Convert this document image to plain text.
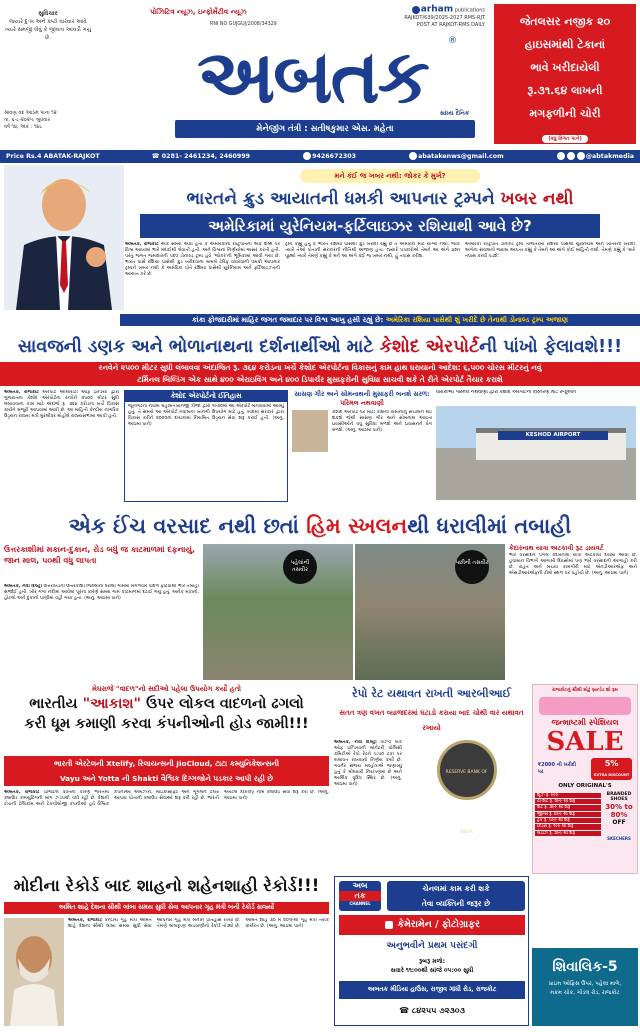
સુવિચાર
જ્યારે દુઃખ અને કષ્ટો વારંવાર આવે ત્યારે સમજી લેવું કે જીવતા આવડી ગયું છે.
શ્રાવણ વદ આઠમ પાના ૧૨
તા. ૬-૮-૨૦૨૫, બુધવાર
વર્ષ ૧૪, અંક : ૧૪૮
પોઝિટિવ ન્યૂઝ, ઇન્ફોર્મેટીવ ન્યૂઝ
RNI NO GUJGUJ/2008/34329
arham publications
RAJKOT/639/2025-2027 RMS-RJT
POST AT RAJKOT-RMS DAILY
અબતક	®
સાંધ્ય દૈનિક
મેનેજીંગ તંત્રી : સતીષકુમાર એસ. મહેતા
જેતલસર નજીક ૨૦
હાઇસમાંથી ટેકાનાં
ભાવે ખરીદાયેલી
રૂ.૩૧.૬૪ લાખની
મગફળીની ચોરી
(વધુ વિગત પાને)
Price Rs.4 ABATAK-RAJKOT	☎ 0281- 2461234, 2460999	9426672303	abatakenws@gmail.com	@abtakmedia
મને કંઈ જ ખબર નથી: જોકર કે મુર્ખ?
ભારતને ક્રુડ આયાતની ધમકી આપનાર ટ્રમ્પને ખબર નથી
અમેરિકામાં યુરેનિયમ-ફર્ટિલાઇઝર રશિયાથી આવે છે?
અબતક, રાજકોટ એક સમય એવો હતો કે અમેરિકાના રાષ્ટ્રપતિના એક શબ્દ પર વિશ્વ આખામાં ભારે મંદાઈથી લેવાતી હતી. અને વિશ્વનાં નિર્ણયોમાં અસર કરતી હતી. પરંતુ જગત જમાદારની પદ્ધ ડોનાલ્ડ ટ્રમ્પ હવે 'જોકર'ની ભૂમિકામાં આવી ગયા છે. ભારત પાસે રશિયા પાસેથી ક્રુડ ખરીદવાના મામલે ટેરિફ વધારવાની ધમકી આપનાર ટ્રમ્પને ખબર નથી કે અમેરિકા પોતે રશિયા પાસેથી યુરેનિયમ અને ફર્ટિલાઇઝરની આયાત કરે છે.
ટ્રમ્પે કહ્યું હતું કે ભારત રશિયા પાસેથી ક્રુડ ખરીદી રહ્યું છે તે અમેરિકા માટે યોગ્ય નથી. જોકે ત્યારે તેઓ પોતાની સરકારની નીતિથી અજાણ હતા. જ્યારે પત્રકારોએ તેમને આ અંગે પ્રશ્ન પૂછ્યો ત્યારે તેમણે કહ્યું કે મને આ અંગે કંઈ જ ખબર નથી, હું તપાસ કરીશ.
અમેરિકી રાષ્ટ્રપતિ ડોનાલ્ડ ટ્રમ્પે તાજેતરમાં રશિયા પાસેથી યુરેનિયમ અને ખાતરની ખરીદી અંગેના સવાલનો જવાબ આપતા કહ્યું કે તેમને આ અંગે કોઈ માહિતી નથી. તેમણે કહ્યું કે 'મારે તપાસ કરવી પડશે'.
કાંકા ફોજદારીમાં માહિર જગત જમાદાર પર વિશ્વ આખુ હસી રહ્યું છે: અમેરિકા રશિયા પાસેથી શું ખરીદે છે તેનાથી ડોનાલ્ડ ટ્રમ્પ અજાણ
સાવજની ડણક અને ભોળાનાથના દર્શનાર્થીઓ માટે કેશોદ એરપોર્ટની પાંખો ફેલાવશે!!!
રનવેને ૨૫૦૦ મીટર સુધી લંબાવવા અંદાજિત રૂ. ૩૬૪ કરોડના ખર્ચે કેશોદ એરપોર્ટના વિકાસનું કામ હાથ ધરાયાનો આદેશ: ૬,૫૦૦ ચોરસ મીટરનું નવું
ટર્મિનલ બિલ્ડિંગ એક સાથે ૪૦૦ એરાઇવિંગ અને ૪૦૦ ડિપાર્ચર મુસાફરોની સુવિધા સાચવી શકે તે રીતે એરપોર્ટ તૈયાર કરાશે
અબતક, રાજકોટ એરપોર્ટ ઓથોરીટી ઓફ ઇન્ડિયા દ્વારા ગુજરાતના કેશોદ એરપોર્ટના રનવેને ૨૫૦૦ મીટર સુધી લંબાવવાના કામ માટે અંદાજે રૂ. ૩૬૪ કરોડના ખર્ચે વિકાસ કાર્યને મંજૂરી આપવામાં આવી છે. આ માહિતી કેન્દ્રીય નાગરિક ઉડ્ડયન રાજ્ય મંત્રી મુરલીધર મોહોલે રાજ્યસભામાં આપી હતી.
કેશોદ એરપોર્ટનો ઈતિહાસ
જૂનાગઢના નવાબ મહાબતખાનજી ત્રીજા દ્વારા ૧૯૩૦માં આ એરપોર્ટ બનાવવામાં આવ્યું હતું. તે સમયે આ એરપોર્ટ નવાબના ખાનગી ઉપયોગ માટે હતું. બાદમાં સરકાર દ્વારા વિકાસ કરીને ૨૦૦૦ના દાયકામાં નિયમિત ઉડ્ડયન સેવા શરૂ કરાઈ હતી. (અનુ. આઠમા પાને)
સાસણ ગીર અને સોમનાથની મુસાફરી બનશે સરળ: પરિમલ નથવાણી
કેશોદ એરપોર્ટ પર મોટી કક્ષાના વિમાનોનું સંચાલન થઇ શકશે જેથી સાસણ ગીર અને સોમનાથ આવતા પ્રવાસીઓને વધુ સુવિધા મળશે અને પ્રવાસનને વેગ મળશે. (અનુ. આઠમા પાને)
ધારાસભ્ય પરિમલ નથવાણી દ્વારા કેશોદ એરપોર્ટના વિસ્તરણ માટે રજૂઆત
KESHOD AIRPORT
એક ઈંચ વરસાદ નથી છતાં હિમ સ્ખલનથી ધરાલીમાં તબાહી
ઉત્તરકાશીમાં મકાન-દુકાન, રોડ બધું જ કાટમાળમાં દફનાયું, જાન માલ, ૫૦થી વધુ લાપતા
અબતક, નવી દિલ્હી ઉત્તરાખંડના ઉત્તરકાશી જિલ્લાના ધરાલી ગામમાં મંગળવારે વાદળ ફાટવાથી ભારે તબાહી સર્જાઈ હતી. ખીર ગંગા નદીમાં આવેલા પૂરના કારણે સમગ્ર ગામ કાટમાળમાં દટાઈ ગયું હતું. અનેક મકાનો, હોટલો અને દુકાનો પાણીમાં વહી ગયા હતા. (અનુ. આઠમા પાને)
પહેલાંની તસવીર
પછીની તસવીર
કેદારનાથ યાત્રા અટકાવી રૂટ ડાયવર્ટ
ભારે વરસાદને પગલે કેદારનાથ યાત્રા અટકાવી દેવામાં આવી છે. હવામાન વિભાગે આગામી દિવસોમાં પણ ભારે વરસાદની આગાહી કરી છે. રાહત અને બચાવ કામગીરી માટે એનડીઆરએફ અને એસડીઆરએફની ટીમો સ્થળ પર પહોંચી છે. (અનુ. આઠમા પાને)
મેઘરાજે "વાદળ"નો સદીઓ પહેલા ઉપયોગ કર્યો હતો
ભારતીય "આકાશ" ઉપર લોકલ વાદળનો ઢગલો
કરી ધૂમ કમાણી કરવા કંપનીઓની હોડ જામી!!!
ભારતી એરટેલની Xtelify, રિલાયન્સની JioCloud, ટાટા કમ્યુનિકેશન્સની
Vayu અને Yotta ની Shakti વૈશ્વિક દિગ્ગજોને પડકાર આપી રહી છે
અબતક, રાજકોટ ડિજિટલ ક્રાંતિના કારણે ભારતમાં ક્લાઉડ કમ્પ્યુટિંગની માંગ ઝડપથી વધી રહી છે. દેશની ટોચની ટેલિકોમ અને ટેકનોલોજી કંપનીઓ હવે વૈશ્વિક કંપનીઓ એમેઝોન, માઇક્રોસોફ્ટ અને ગૂગલને ટક્કર આપવા પોતાની ક્લાઉડ સેવાઓ શરૂ કરી રહી છે. ભારતી એરટેલે Xtelify નામે ક્લાઉડ સેવા શરૂ કરી છે. (અનુ. આઠમા પાને)
રેપો રેટ યથાવત રાખતી આરબીઆઈ
સતત ત્રણ વખત વ્યાજદરમાં ઘટાડો કરાયા બાદ ચોથી વાર યથાવત રખાયો
અબતક, નવી દિલ્હી રિઝર્વ બેંક ઓફ ઇન્ડિયાની મોનેટરી પોલિસી કમિટીએ રેપો રેટને ૫.૫૦ ટકા પર યથાવત રાખવાનો નિર્ણય કર્યો છે. ગવર્નર સંજય મલ્હોત્રાએ જણાવ્યું હતું કે મોંઘવારી નિયંત્રણમાં છે અને આર્થિક વૃદ્ધિ સ્થિર છે. (અનુ. આઠમા પાને)
RESERVE BANK OF INDIA
રાજકોટનું સૌથી મોટું બ્રાન્ડેડ શો રૂમ
જન્માષ્ટમી સ્પેશિયલ
SALE
₹2000 ની ખરીદી પર
5%
EXTRA DISCOUNT
ONLY ORIGINAL'S
શૂઝ રૂ. ૯૯૯
ટી-શર્ટ રૂ. ૨૯૯ થી શરૂ
શર્ટ રૂ. ૩૯૯ થી શરૂ
જીન્સ રૂ. ૪૯૯ થી શરૂ
ટ્રેક રૂ. ૫૯૯ થી શરૂ
કિડ્સ રૂ. ૧૯૯ થી શરૂ
લેડીઝ રૂ. ૨૯૯ થી શરૂ
BRANDED SHOES
30% to 80%
OFF
SKECHERS
મોદીના રેકોર્ડ બાદ શાહનો શહેનશાહી રેકોર્ડ!!!
અમિત શાહે દેશના સૌથી લાંબા સમય સુધી સેવા આપનાર ગૃહ મંત્રી બની રેકોર્ડ સર્જ્યો
અબતક, રાજકોટ કેન્દ્રીય ગૃહ મંત્રી અમિત શાહે દેશના સૌથી લાંબા સમય સુધી સેવા આપનાર ગૃહ મંત્રી બનીને ઇતિહાસ રચ્યો છે. તેમણે લાલકૃષ્ણ અડવાણીનો રેકોર્ડ તોડ્યો છે. અમિત શાહ ૩૦ મે ૨૦૧૯થી ગૃહ મંત્રી તરીકે કાર્યરત છે. (અનુ. આઠમા પાને)
અબ
તક
CHANNEL
ચેનલમાં કામ કરી શકે
તેવા વ્યક્તિની જરૂર છે
કેમેરામેન / ફોટોગ્રાફર
અનુભવીને પ્રથમ પસંદગી
રૂબરૂ મળો:
સવારે ૧૧:૦૦થી સાંજે ૦૫:૦૦ સુધી
અબતક મીડિયા હાઉસ, રાજીવ ગાંધી રોડ, રાજકોટ
☎ ૮૪૨૫૫ ૭૨૩૦૩
શિવાલિક-5
પ્રાઇમ ઓફિસ ઉપર, પહેલા માળે,
મકમ ચોક, ગોંડલ રોડ, રાજકોટ
